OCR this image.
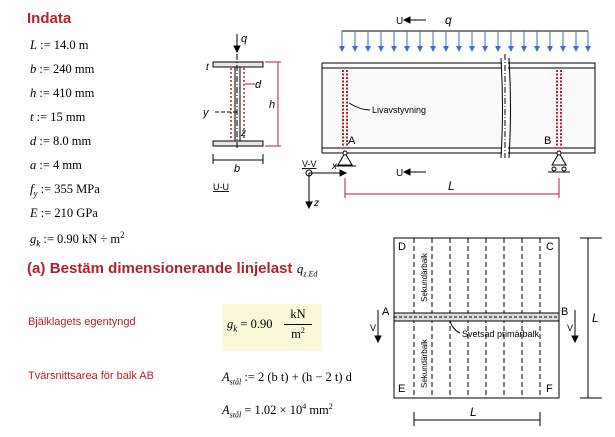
Indata
L := 14.0 m
b := 240 mm
h := 410 mm
t := 15 mm
d := 8.0 mm
a := 4 mm
$f_y$ := 355 MPa
E := 210 GPa
$g_k$ := 0.90 kN ÷ $m^2$
(a) Bestäm dimensionerande linjelast $q_{z.Ed}$
Bjälklagets egentyngd	$g_k = 0.90$
kN
$m^2$
Tvärsnittsarea för balk AB	$A_{stål}$ := 2 (b t) + (h − 2 t) d
$A_{stål} = 1.02 \times 10^4$ $mm^2$
q
t
d
h
y
z
b
U-U
U	q
Livavstyvning
A	B
V-V x
z
U
L
D	C
A	B
E	F
V	V
L
L
Sekundärbalk
Sekundärbalk
Svetsad primärbalk
